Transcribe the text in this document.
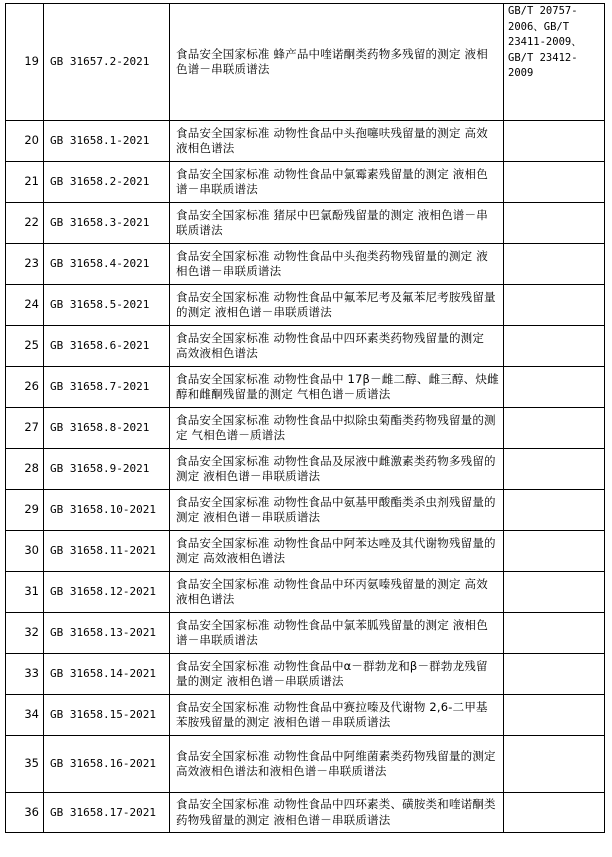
19	GB 31657.2-2021	食品安全国家标准 蜂产品中喹诺酮类药物多残留的测定 液相色谱－串联质谱法	GB/T 20757-2006、GB/T 23411-2009、GB/T 23412-2009
20	GB 31658.1-2021	食品安全国家标准 动物性食品中头孢噻呋残留量的测定 高效液相色谱法	
21	GB 31658.2-2021	食品安全国家标准 动物性食品中氯霉素残留量的测定 液相色谱－串联质谱法	
22	GB 31658.3-2021	食品安全国家标准 猪尿中巴氯酚残留量的测定 液相色谱－串联质谱法	
23	GB 31658.4-2021	食品安全国家标准 动物性食品中头孢类药物残留量的测定 液相色谱－串联质谱法	
24	GB 31658.5-2021	食品安全国家标准 动物性食品中氟苯尼考及氟苯尼考胺残留量的测定 液相色谱－串联质谱法	
25	GB 31658.6-2021	食品安全国家标准 动物性食品中四环素类药物残留量的测定 高效液相色谱法	
26	GB 31658.7-2021	食品安全国家标准 动物性食品中 17β－雌二醇、雌三醇、炔雌醇和雌酮残留量的测定 气相色谱－质谱法	
27	GB 31658.8-2021	食品安全国家标准 动物性食品中拟除虫菊酯类药物残留量的测定 气相色谱－质谱法	
28	GB 31658.9-2021	食品安全国家标准 动物性食品及尿液中雌激素类药物多残留的测定 液相色谱－串联质谱法	
29	GB 31658.10-2021	食品安全国家标准 动物性食品中氨基甲酸酯类杀虫剂残留量的测定 液相色谱－串联质谱法	
30	GB 31658.11-2021	食品安全国家标准 动物性食品中阿苯达唑及其代谢物残留量的测定 高效液相色谱法	
31	GB 31658.12-2021	食品安全国家标准 动物性食品中环丙氨嗪残留量的测定 高效液相色谱法	
32	GB 31658.13-2021	食品安全国家标准 动物性食品中氯苯胍残留量的测定 液相色谱－串联质谱法	
33	GB 31658.14-2021	食品安全国家标准 动物性食品中α－群勃龙和β－群勃龙残留量的测定 液相色谱－串联质谱法	
34	GB 31658.15-2021	食品安全国家标准 动物性食品中赛拉嗪及代谢物 2,6-二甲基苯胺残留量的测定 液相色谱－串联质谱法	
35	GB 31658.16-2021	食品安全国家标准 动物性食品中阿维菌素类药物残留量的测定 高效液相色谱法和液相色谱－串联质谱法	
36	GB 31658.17-2021	食品安全国家标准 动物性食品中四环素类、磺胺类和喹诺酮类药物残留量的测定 液相色谱－串联质谱法	
